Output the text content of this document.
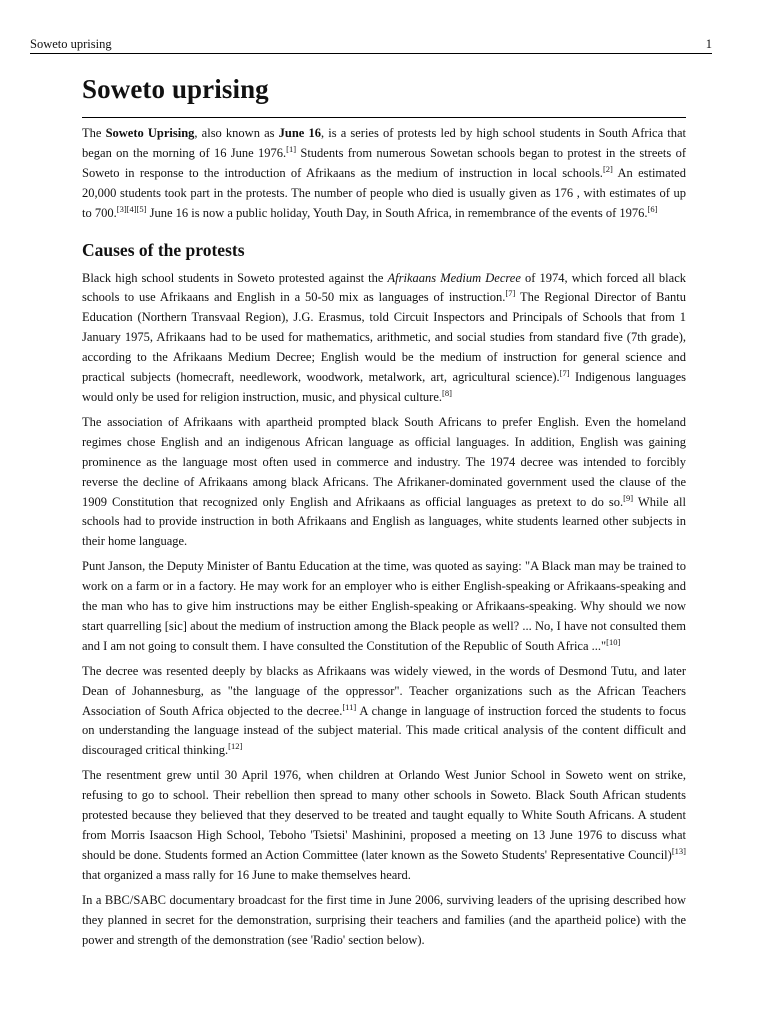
Soweto uprising	1
Soweto uprising

The Soweto Uprising, also known as June 16, is a series of protests led by high school students in South Africa that began on the morning of 16 June 1976.[1] Students from numerous Sowetan schools began to protest in the streets of Soweto in response to the introduction of Afrikaans as the medium of instruction in local schools.[2] An estimated 20,000 students took part in the protests. The number of people who died is usually given as 176 , with estimates of up to 700.[3][4][5] June 16 is now a public holiday, Youth Day, in South Africa, in remembrance of the events of 1976.[6]

Causes of the protests

Black high school students in Soweto protested against the Afrikaans Medium Decree of 1974, which forced all black schools to use Afrikaans and English in a 50-50 mix as languages of instruction.[7] The Regional Director of Bantu Education (Northern Transvaal Region), J.G. Erasmus, told Circuit Inspectors and Principals of Schools that from 1 January 1975, Afrikaans had to be used for mathematics, arithmetic, and social studies from standard five (7th grade), according to the Afrikaans Medium Decree; English would be the medium of instruction for general science and practical subjects (homecraft, needlework, woodwork, metalwork, art, agricultural science).[7] Indigenous languages would only be used for religion instruction, music, and physical culture.[8]

The association of Afrikaans with apartheid prompted black South Africans to prefer English. Even the homeland regimes chose English and an indigenous African language as official languages. In addition, English was gaining prominence as the language most often used in commerce and industry. The 1974 decree was intended to forcibly reverse the decline of Afrikaans among black Africans. The Afrikaner-dominated government used the clause of the 1909 Constitution that recognized only English and Afrikaans as official languages as pretext to do so.[9] While all schools had to provide instruction in both Afrikaans and English as languages, white students learned other subjects in their home language.

Punt Janson, the Deputy Minister of Bantu Education at the time, was quoted as saying: "A Black man may be trained to work on a farm or in a factory. He may work for an employer who is either English-speaking or Afrikaans-speaking and the man who has to give him instructions may be either English-speaking or Afrikaans-speaking. Why should we now start quarrelling [sic] about the medium of instruction among the Black people as well? ... No, I have not consulted them and I am not going to consult them. I have consulted the Constitution of the Republic of South Africa ..."[10]

The decree was resented deeply by blacks as Afrikaans was widely viewed, in the words of Desmond Tutu, and later Dean of Johannesburg, as "the language of the oppressor". Teacher organizations such as the African Teachers Association of South Africa objected to the decree.[11] A change in language of instruction forced the students to focus on understanding the language instead of the subject material. This made critical analysis of the content difficult and discouraged critical thinking.[12]

The resentment grew until 30 April 1976, when children at Orlando West Junior School in Soweto went on strike, refusing to go to school. Their rebellion then spread to many other schools in Soweto. Black South African students protested because they believed that they deserved to be treated and taught equally to White South Africans. A student from Morris Isaacson High School, Teboho 'Tsietsi' Mashinini, proposed a meeting on 13 June 1976 to discuss what should be done. Students formed an Action Committee (later known as the Soweto Students' Representative Council)[13] that organized a mass rally for 16 June to make themselves heard.

In a BBC/SABC documentary broadcast for the first time in June 2006, surviving leaders of the uprising described how they planned in secret for the demonstration, surprising their teachers and families (and the apartheid police) with the power and strength of the demonstration (see 'Radio' section below).
